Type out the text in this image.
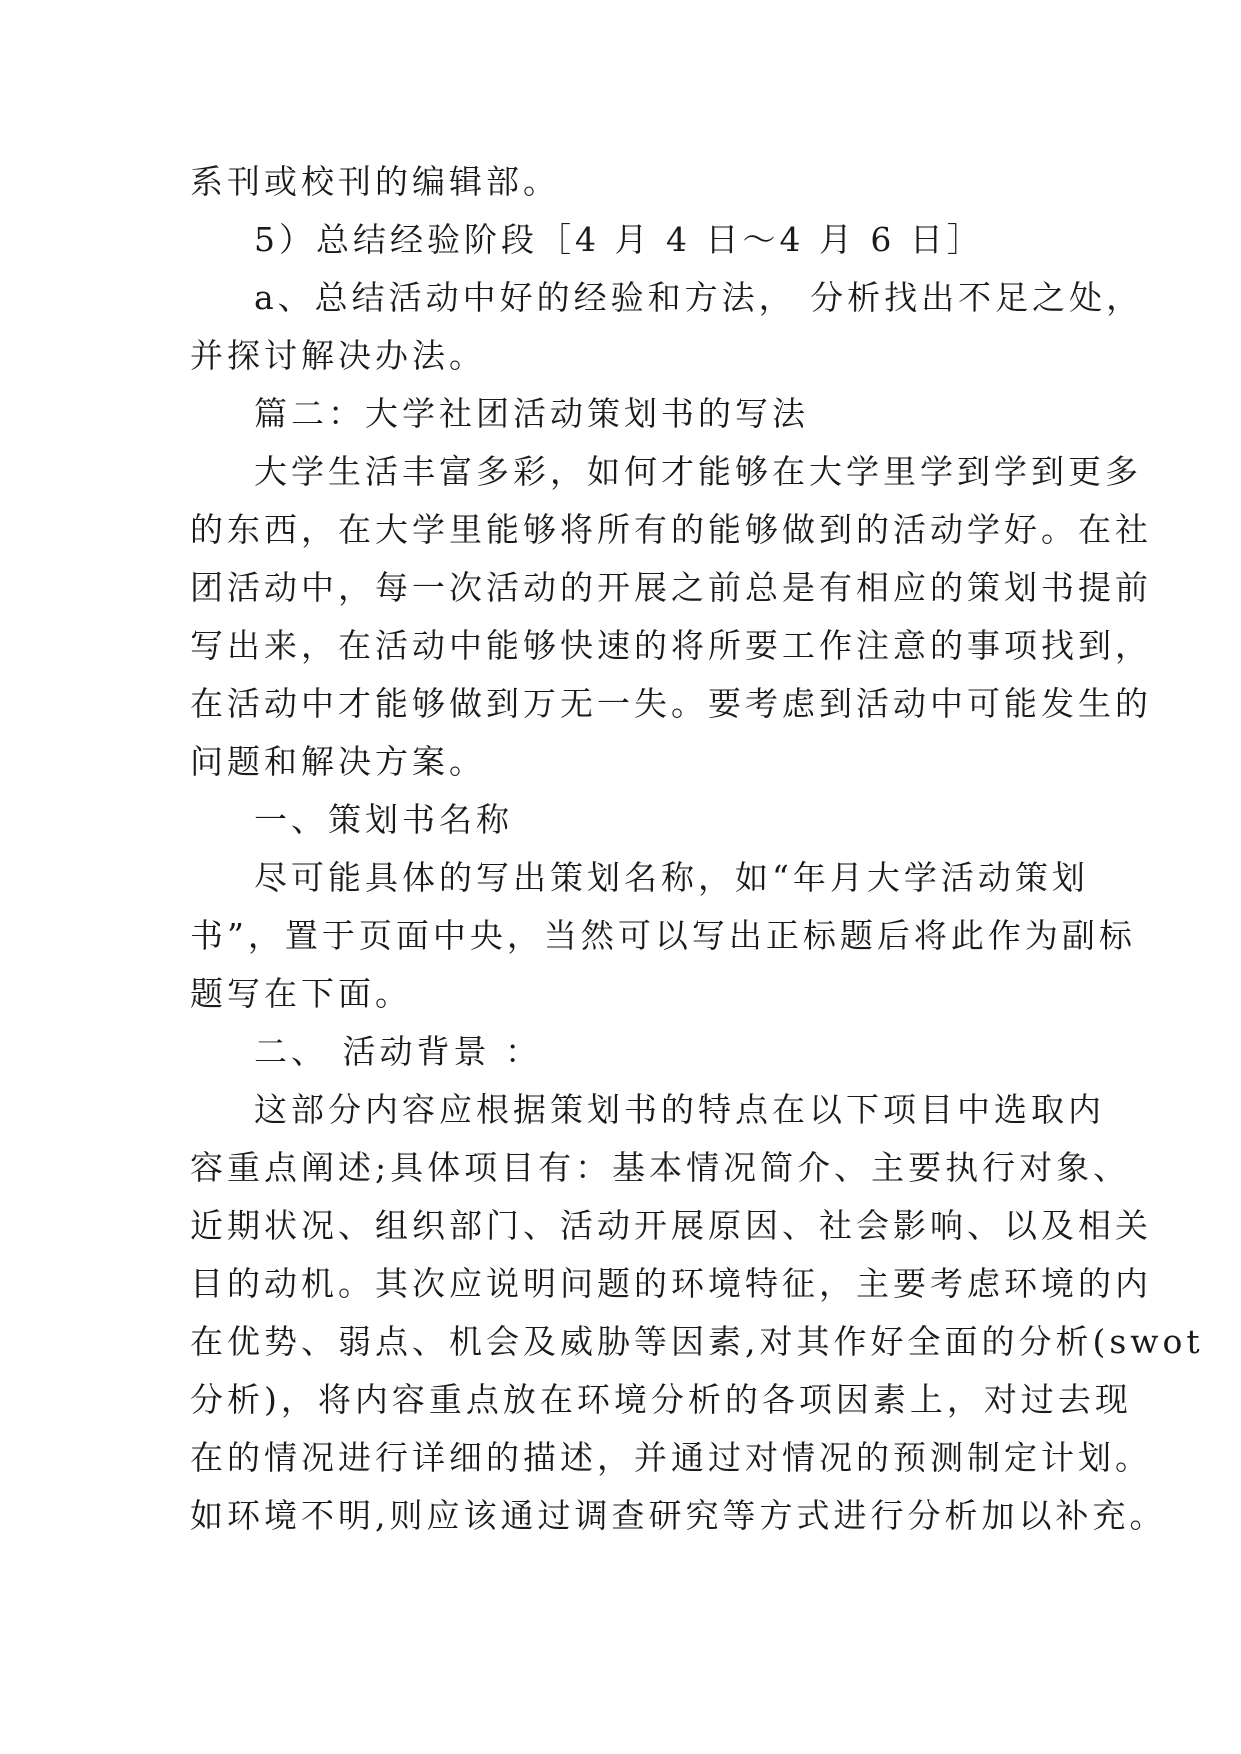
系刊或校刊的编辑部。
5）总结经验阶段［4 月 4 日～4 月 6 日］
a、总结活动中好的经验和方法， 分析找出不足之处，
并探讨解决办法。
篇二：大学社团活动策划书的写法
大学生活丰富多彩，如何才能够在大学里学到学到更多
的东西，在大学里能够将所有的能够做到的活动学好。在社
团活动中，每一次活动的开展之前总是有相应的策划书提前
写出来，在活动中能够快速的将所要工作注意的事项找到，
在活动中才能够做到万无一失。要考虑到活动中可能发生的
问题和解决方案。
一、策划书名称
尽可能具体的写出策划名称，如“年月大学活动策划
书”，置于页面中央，当然可以写出正标题后将此作为副标
题写在下面。
二、 活动背景 ：
这部分内容应根据策划书的特点在以下项目中选取内
容重点阐述;具体项目有：基本情况简介、主要执行对象、
近期状况、组织部门、活动开展原因、社会影响、以及相关
目的动机。其次应说明问题的环境特征，主要考虑环境的内
在优势、弱点、机会及威胁等因素,对其作好全面的分析(swot
分析)，将内容重点放在环境分析的各项因素上，对过去现
在的情况进行详细的描述，并通过对情况的预测制定计划。
如环境不明,则应该通过调查研究等方式进行分析加以补充。
